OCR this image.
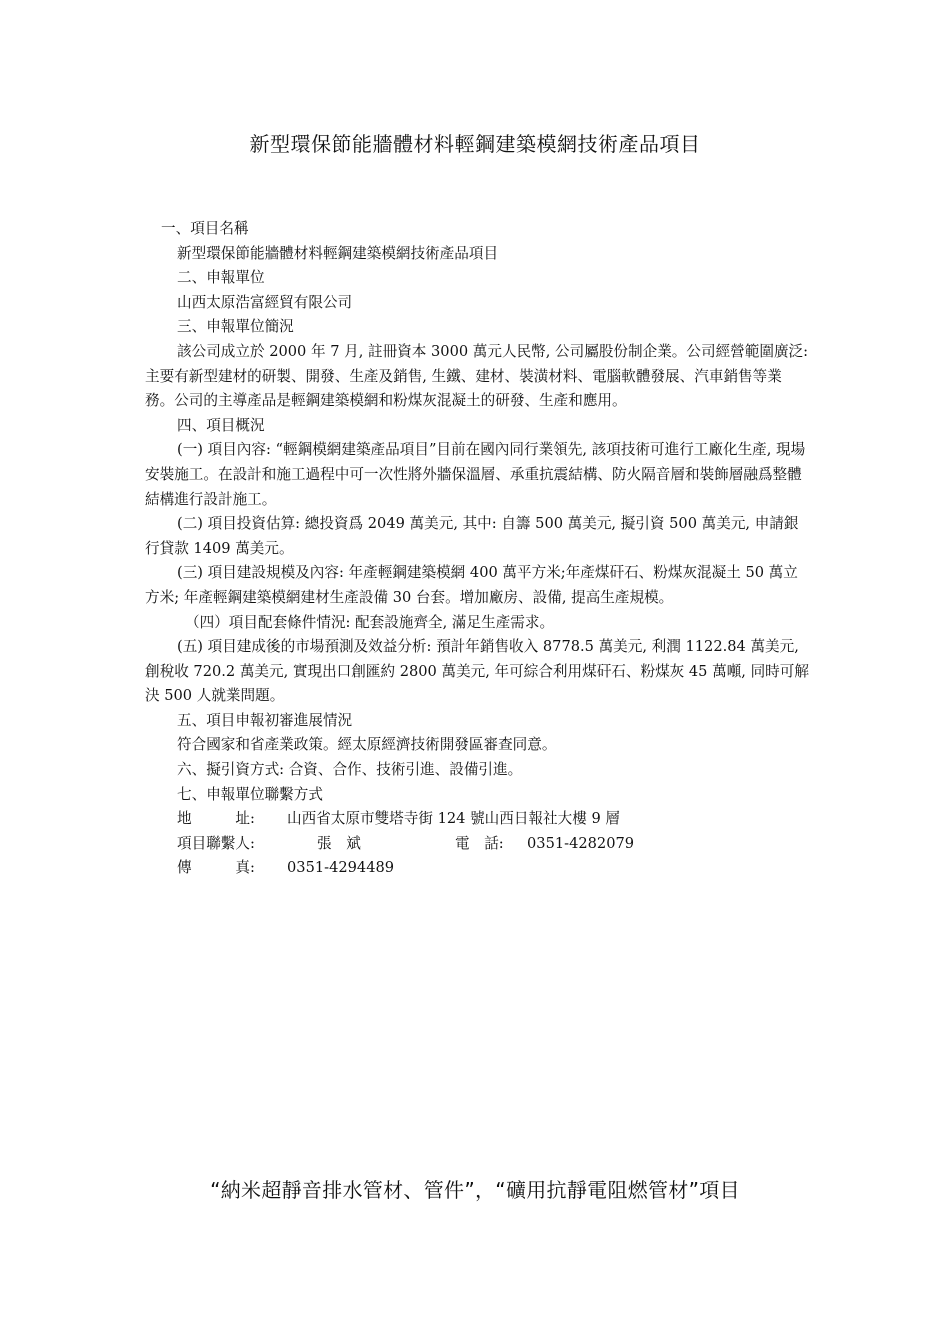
新型環保節能牆體材料輕鋼建築模網技術產品項目

一、項目名稱

新型環保節能牆體材料輕鋼建築模網技術產品項目

二、申報單位

山西太原浩富經貿有限公司

三、申報單位簡況

該公司成立於 2000 年 7 月, 註冊資本 3000 萬元人民幣, 公司屬股份制企業。公司經營範圍廣泛: 主要有新型建材的研製、開發、生產及銷售, 生鐵、建材、裝潢材料、電腦軟體發展、汽車銷售等業務。公司的主導產品是輕鋼建築模網和粉煤灰混凝土的研發、生產和應用。

四、項目概況

(一) 項目內容: “輕鋼模網建築產品項目”目前在國內同行業領先, 該項技術可進行工廠化生產, 現場安裝施工。在設計和施工過程中可一次性將外牆保溫層、承重抗震結構、防火隔音層和裝飾層融爲整體結構進行設計施工。

(二) 項目投資估算: 總投資爲 2049 萬美元, 其中: 自籌 500 萬美元, 擬引資 500 萬美元, 申請銀行貸款 1409 萬美元。

(三) 項目建設規模及內容: 年產輕鋼建築模網 400 萬平方米;年產煤矸石、粉煤灰混凝土 50 萬立方米; 年產輕鋼建築模網建材生產設備 30 台套。增加廠房、設備, 提高生產規模。

（四）項目配套條件情況: 配套設施齊全, 滿足生產需求。

(五) 項目建成後的市場預測及效益分析: 預計年銷售收入 8778.5 萬美元, 利潤 1122.84 萬美元, 創稅收 720.2 萬美元, 實現出口創匯約 2800 萬美元, 年可綜合利用煤矸石、粉煤灰 45 萬噸, 同時可解決 500 人就業問題。

五、項目申報初審進展情況

符合國家和省產業政策。經太原經濟技術開發區審查同意。

六、擬引資方式: 合資、合作、技術引進、設備引進。

七、申報單位聯繫方式

地　　　址: 山西省太原市雙塔寺街 124 號山西日報社大樓 9 層

項目聯繫人:	張　斌	電　話: 0351-4282079

傳　　　真: 0351-4294489

“納米超靜音排水管材、管件”，“礦用抗靜電阻燃管材”項目
